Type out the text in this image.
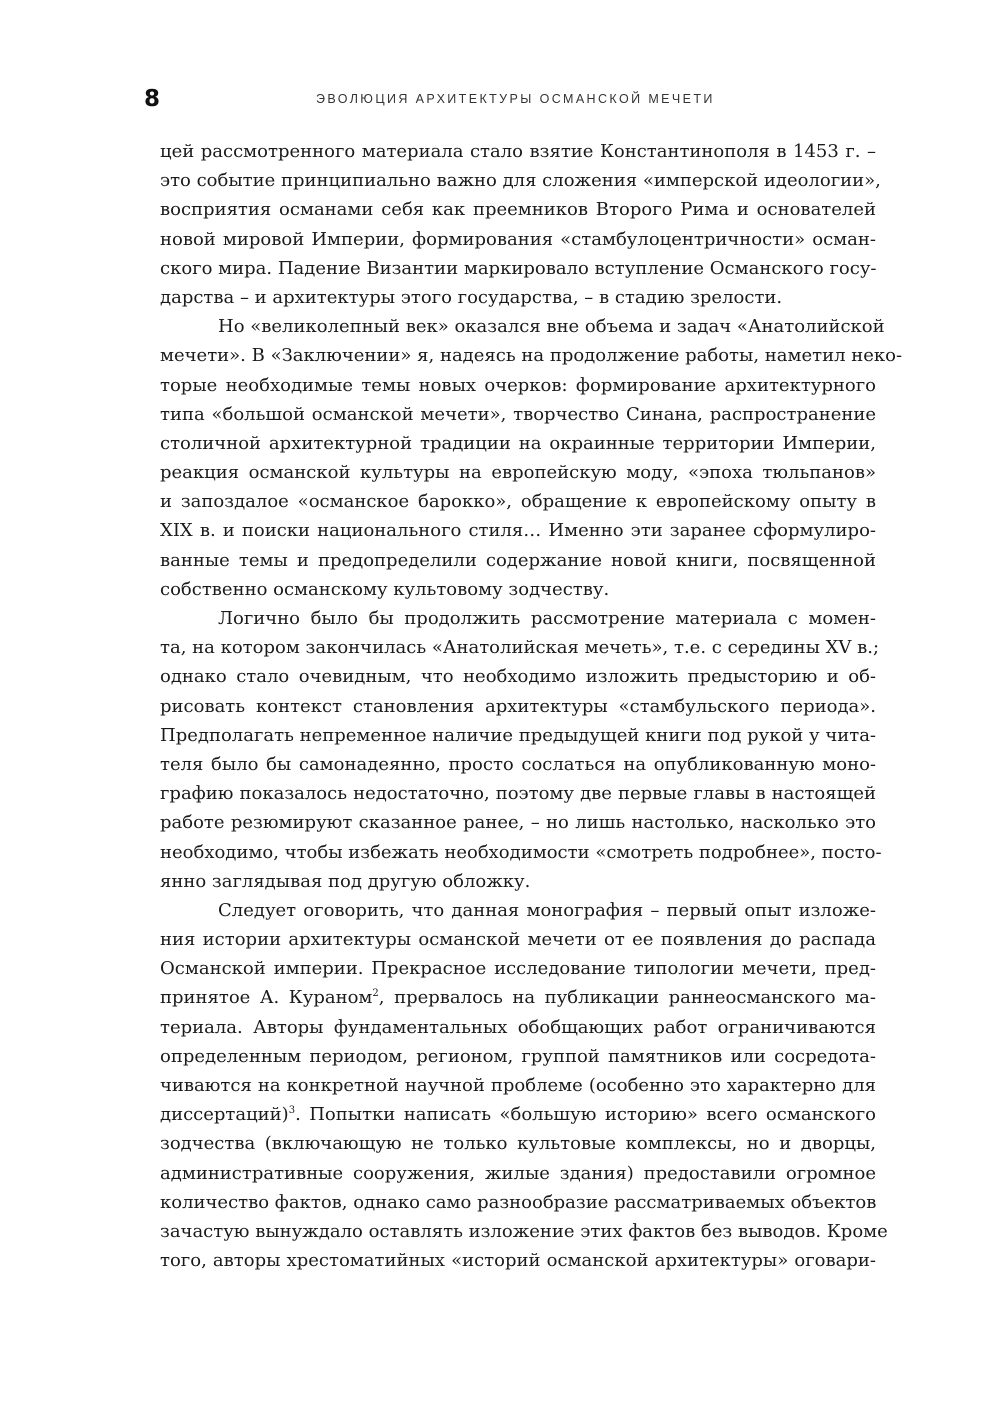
8	ЭВОЛЮЦИЯ АРХИТЕКТУРЫ ОСМАНСКОЙ МЕЧЕТИ
цей рассмотренного материала стало взятие Константинополя в 1453 г. –
это событие принципиально важно для сложения «имперской идеологии»,
восприятия османами себя как преемников Второго Рима и основателей
новой мировой Империи, формирования «стамбулоцентричности» осман-
ского мира. Падение Византии маркировало вступление Османского госу-
дарства – и архитектуры этого государства, – в стадию зрелости.
Но «великолепный век» оказался вне объема и задач «Анатолийской
мечети». В «Заключении» я, надеясь на продолжение работы, наметил неко-
торые необходимые темы новых очерков: формирование архитектурного
типа «большой османской мечети», творчество Синана, распространение
столичной архитектурной традиции на окраинные территории Империи,
реакция османской культуры на европейскую моду, «эпоха тюльпанов»
и запоздалое «османское барокко», обращение к европейскому опыту в
XIX в. и поиски национального стиля… Именно эти заранее сформулиро-
ванные темы и предопределили содержание новой книги, посвященной
собственно османскому культовому зодчеству.
Логично было бы продолжить рассмотрение материала с момен-
та, на котором закончилась «Анатолийская мечеть», т.е. с середины XV в.;
однако стало очевидным, что необходимо изложить предысторию и об-
рисовать контекст становления архитектуры «стамбульского периода».
Предполагать непременное наличие предыдущей книги под рукой у чита-
теля было бы самонадеянно, просто сослаться на опубликованную моно-
графию показалось недостаточно, поэтому две первые главы в настоящей
работе резюмируют сказанное ранее, – но лишь настолько, насколько это
необходимо, чтобы избежать необходимости «смотреть подробнее», посто-
янно заглядывая под другую обложку.
Следует оговорить, что данная монография – первый опыт изложе-
ния истории архитектуры османской мечети от ее появления до распада
Османской империи. Прекрасное исследование типологии мечети, пред-
принятое А. Кураном$^2$, прервалось на публикации раннеосманского ма-
териала. Авторы фундаментальных обобщающих работ ограничиваются
определенным периодом, регионом, группой памятников или сосредота-
чиваются на конкретной научной проблеме (особенно это характерно для
диссертаций)$^3$. Попытки написать «большую историю» всего османского
зодчества (включающую не только культовые комплексы, но и дворцы,
административные сооружения, жилые здания) предоставили огромное
количество фактов, однако само разнообразие рассматриваемых объектов
зачастую вынуждало оставлять изложение этих фактов без выводов. Кроме
того, авторы хрестоматийных «историй османской архитектуры» оговари-
